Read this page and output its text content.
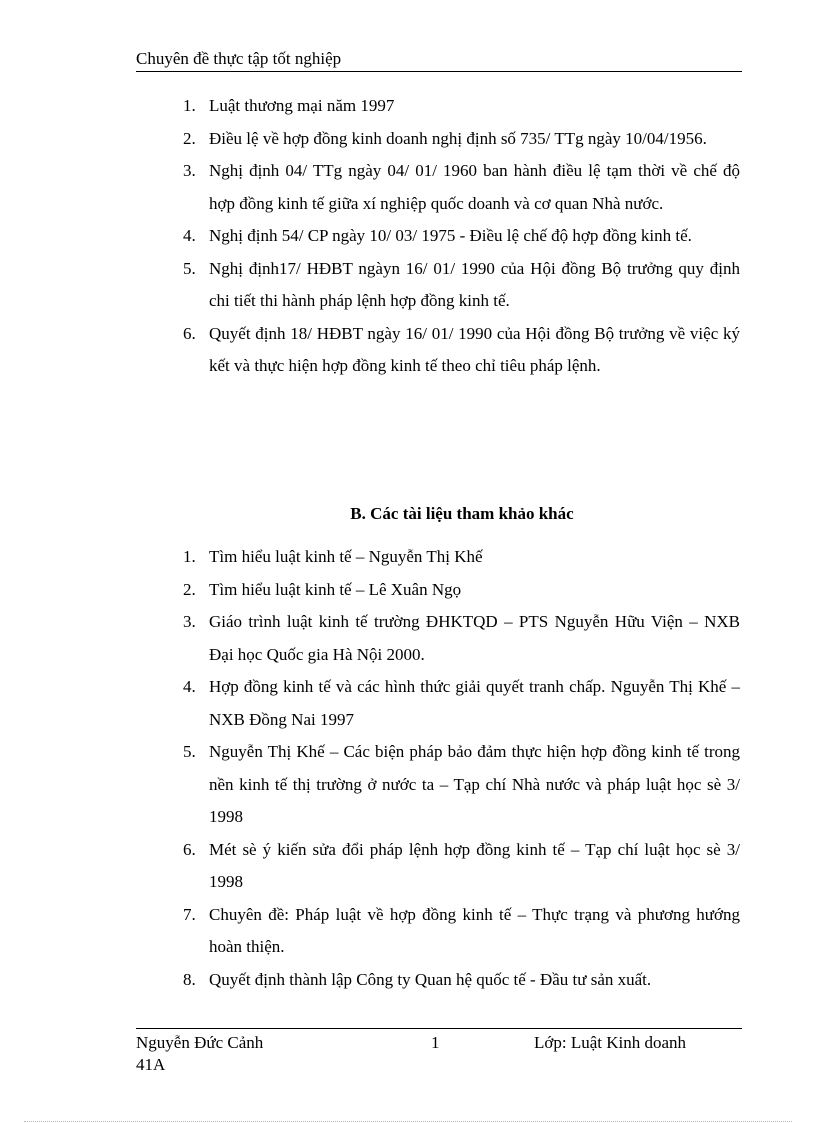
Chuyên đề thực tập tốt nghiệp
1. Luật thương mại năm 1997
2. Điều lệ về hợp đồng kinh doanh nghị định số 735/ TTg ngày 10/04/1956.
3. Nghị định 04/ TTg ngày 04/ 01/ 1960 ban hành điều lệ tạm thời về chế độ hợp đồng kinh tế giữa xí nghiệp quốc doanh và cơ quan Nhà nước.
4. Nghị định 54/ CP ngày 10/ 03/ 1975 - Điều lệ chế độ hợp đồng kinh tế.
5. Nghị định17/ HĐBT ngàyn 16/ 01/ 1990 của Hội đồng Bộ trưởng quy định chi tiết thi hành pháp lệnh hợp đồng kinh tế.
6. Quyết định 18/ HĐBT ngày 16/ 01/ 1990 của Hội đồng Bộ trưởng về việc ký kết và thực hiện hợp đồng kinh tế theo chỉ tiêu pháp lệnh.
B. Các tài liệu tham khảo khác
1. Tìm hiểu luật kinh tế – Nguyễn Thị Khế
2. Tìm hiểu luật kinh tế – Lê Xuân Ngọ
3. Giáo trình luật kinh tế trường ĐHKTQD – PTS Nguyễn Hữu Viện – NXB Đại học Quốc gia Hà Nội 2000.
4. Hợp đồng kinh tế và các hình thức giải quyết tranh chấp. Nguyễn Thị Khế – NXB Đồng Nai 1997
5. Nguyễn Thị Khế – Các biện pháp bảo đảm thực hiện hợp đồng kinh tế trong nền kinh tế thị trường ở nước ta – Tạp chí Nhà nước và pháp luật học sè 3/ 1998
6. Mét sè ý kiến sửa đổi pháp lệnh hợp đồng kinh tế – Tạp chí luật học sè 3/ 1998
7. Chuyên đề: Pháp luật về hợp đồng kinh tế – Thực trạng và phương hướng hoàn thiện.
8. Quyết định thành lập Công ty Quan hệ quốc tế - Đầu tư sản xuất.
Nguyễn Đức Cảnh 41A
1	Lớp: Luật Kinh doanh
